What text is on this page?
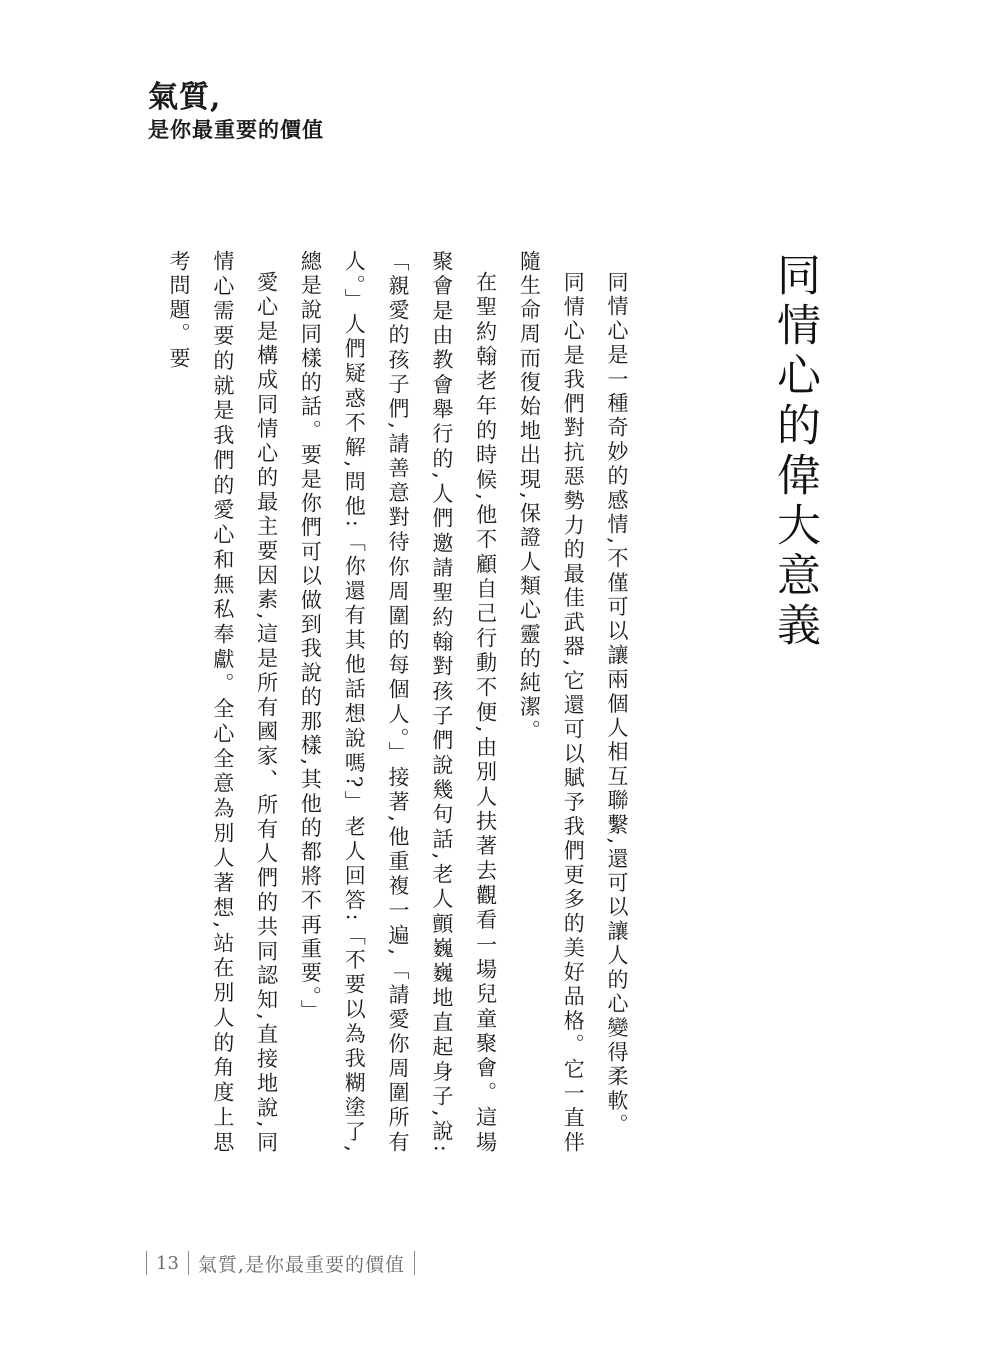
氣質,
是你最重要的價值
同情心的偉大意義

同情心是一種奇妙的感情,不僅可以讓兩個人相互聯繫,還可以讓人的心變得柔軟。

同情心是我們對抗惡勢力的最佳武器,它還可以賦予我們更多的美好品格。它一直伴隨生命周而復始地出現,保證人類心靈的純潔。

在聖約翰老年的時候,他不顧自己行動不便,由別人扶著去觀看一場兒童聚會。這場聚會是由教會舉行的,人們邀請聖約翰對孩子們說幾句話,老人顫巍巍地直起身子,說:「親愛的孩子們,請善意對待你周圍的每個人。」接著,他重複一遍,「請愛你周圍所有人。」人們疑惑不解,問他:「你還有其他話想說嗎?」老人回答:「不要以為我糊塗了,總是說同樣的話。要是你們可以做到我說的那樣,其他的都將不再重要。」

愛心是構成同情心的最主要因素,這是所有國家、所有人們的共同認知,直接地說,同情心需要的就是我們的愛心和無私奉獻。全心全意為別人著想,站在別人的角度上思考問題。要

13	氣質,是你最重要的價值
